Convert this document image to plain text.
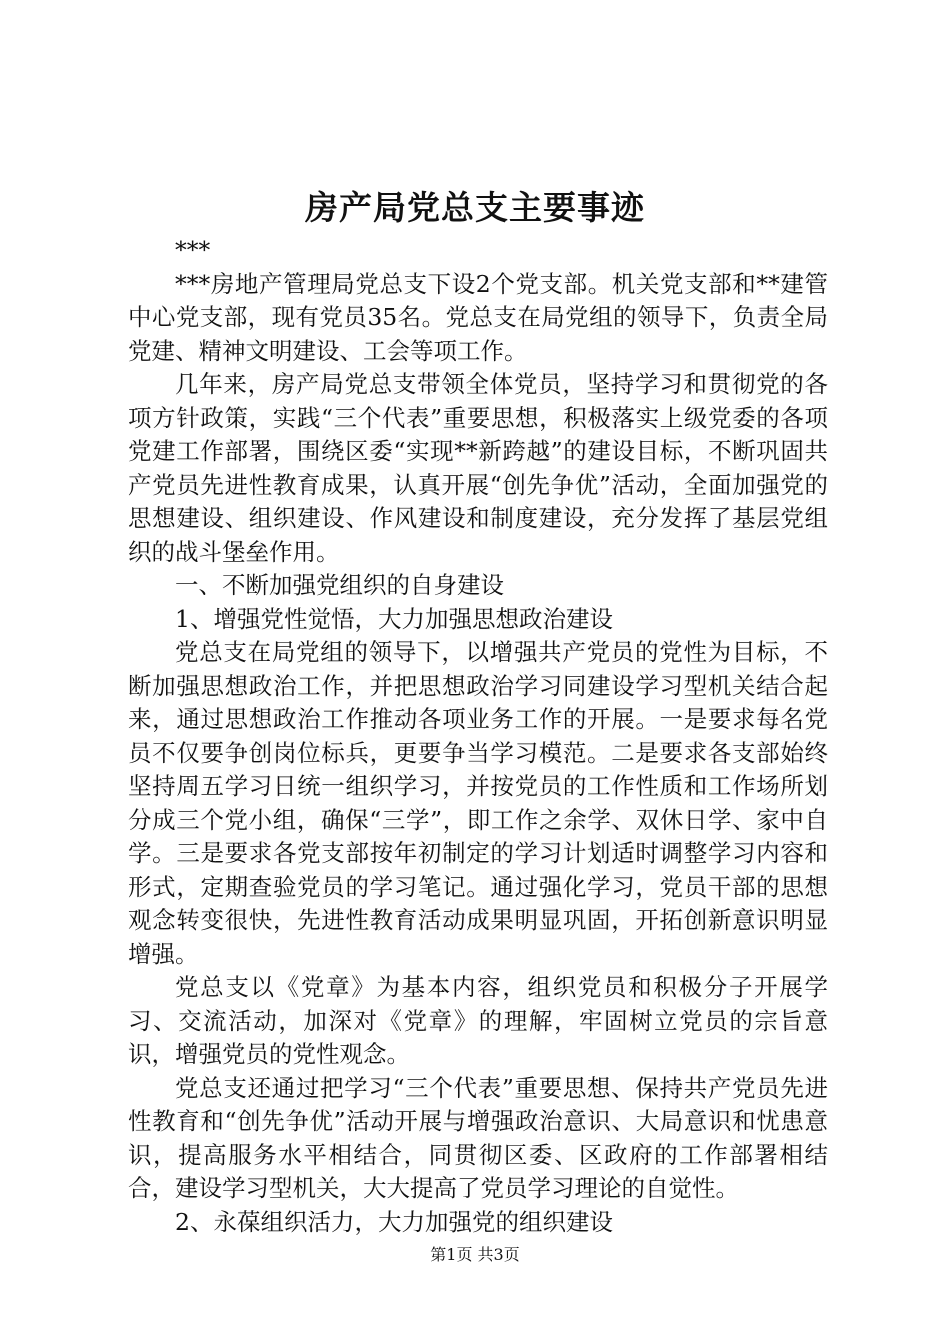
房产局党总支主要事迹

***

***房地产管理局党总支下设2个党支部。机关党支部和**建管中心党支部，现有党员35名。党总支在局党组的领导下，负责全局党建、精神文明建设、工会等项工作。

几年来，房产局党总支带领全体党员，坚持学习和贯彻党的各项方针政策，实践“三个代表”重要思想，积极落实上级党委的各项党建工作部署，围绕区委“实现**新跨越”的建设目标，不断巩固共产党员先进性教育成果，认真开展“创先争优”活动，全面加强党的思想建设、组织建设、作风建设和制度建设，充分发挥了基层党组织的战斗堡垒作用。

一、不断加强党组织的自身建设

1、增强党性觉悟，大力加强思想政治建设

党总支在局党组的领导下，以增强共产党员的党性为目标，不断加强思想政治工作，并把思想政治学习同建设学习型机关结合起来，通过思想政治工作推动各项业务工作的开展。一是要求每名党员不仅要争创岗位标兵，更要争当学习模范。二是要求各支部始终坚持周五学习日统一组织学习，并按党员的工作性质和工作场所划分成三个党小组，确保“三学”，即工作之余学、双休日学、家中自学。三是要求各党支部按年初制定的学习计划适时调整学习内容和形式，定期查验党员的学习笔记。通过强化学习，党员干部的思想观念转变很快，先进性教育活动成果明显巩固，开拓创新意识明显增强。

党总支以《党章》为基本内容，组织党员和积极分子开展学习、交流活动，加深对《党章》的理解，牢固树立党员的宗旨意识，增强党员的党性观念。

党总支还通过把学习“三个代表”重要思想、保持共产党员先进性教育和“创先争优”活动开展与增强政治意识、大局意识和忧患意识，提高服务水平相结合，同贯彻区委、区政府的工作部署相结合，建设学习型机关，大大提高了党员学习理论的自觉性。

2、永葆组织活力，大力加强党的组织建设

第1页 共3页
